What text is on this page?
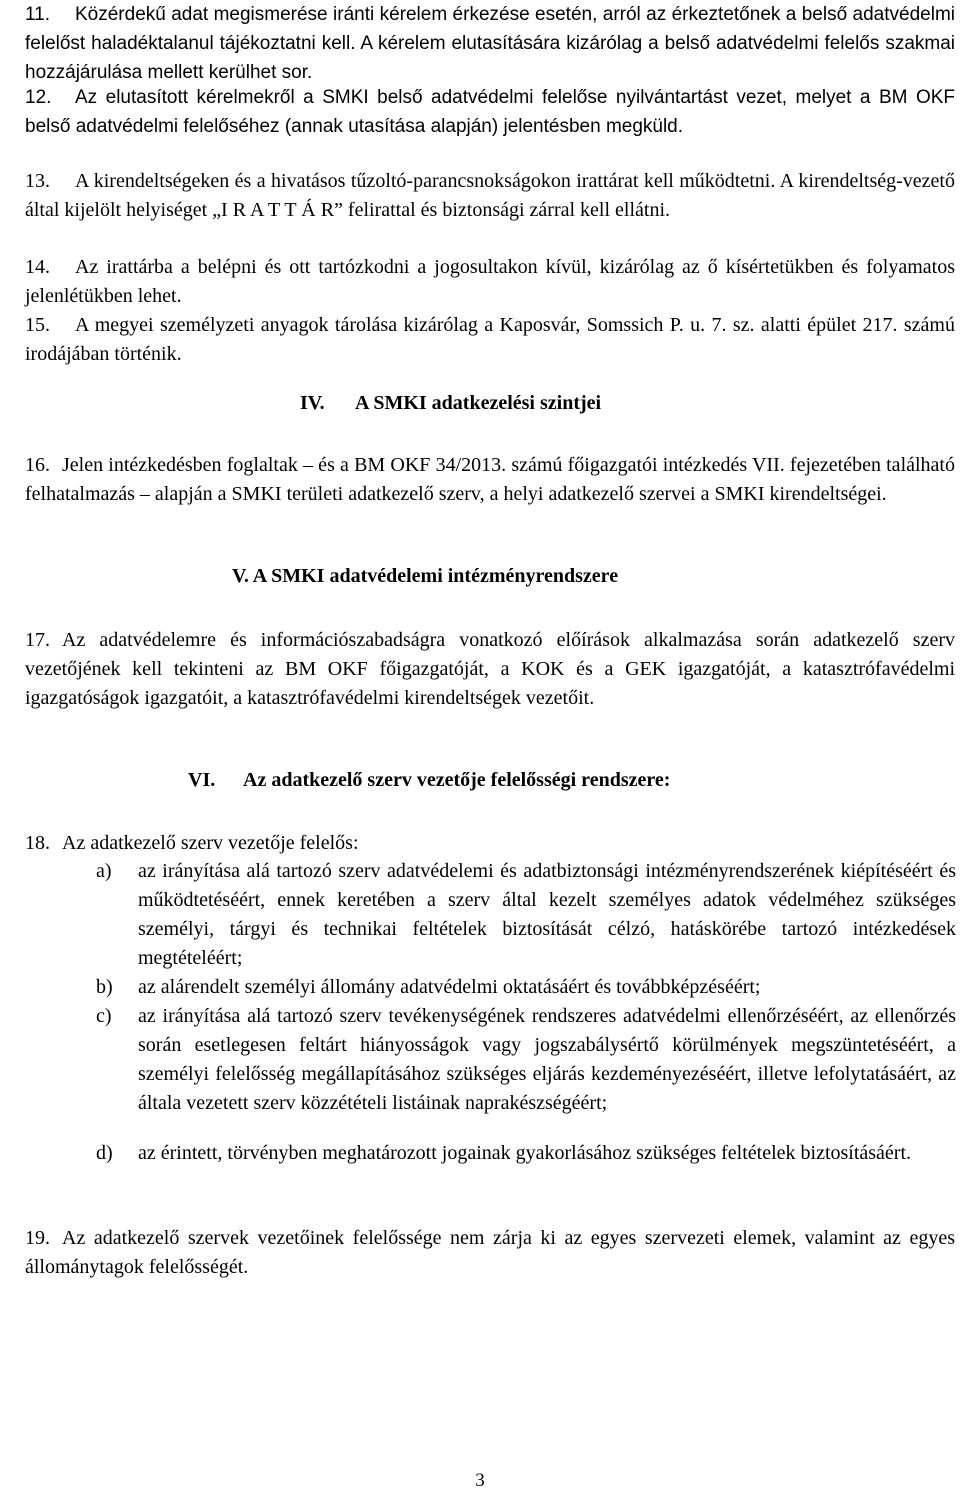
11. Közérdekű adat megismerése iránti kérelem érkezése esetén, arról az érkeztetőnek a belső adatvédelmi felelőst haladéktalanul tájékoztatni kell. A kérelem elutasítására kizárólag a belső adatvédelmi felelős szakmai hozzájárulása mellett kerülhet sor.
12. Az elutasított kérelmekről a SMKI belső adatvédelmi felelőse nyilvántartást vezet, melyet a BM OKF belső adatvédelmi felelőséhez (annak utasítása alapján) jelentésben megküld.
13. A kirendeltségeken és a hivatásos tűzoltó-parancsnokságokon irattárat kell működtetni. A kirendeltség-vezető által kijelölt helyiséget „I R A T T Á R” felirattal és biztonsági zárral kell ellátni.
14. Az irattárba a belépni és ott tartózkodni a jogosultakon kívül, kizárólag az ő kísértetükben és folyamatos jelenlétükben lehet.
15. A megyei személyzeti anyagok tárolása kizárólag a Kaposvár, Somssich P. u. 7. sz. alatti épület 217. számú irodájában történik.
IV. A SMKI adatkezelési szintjei
16. Jelen intézkedésben foglaltak – és a BM OKF 34/2013. számú főigazgatói intézkedés VII. fejezetében található felhatalmazás – alapján a SMKI területi adatkezelő szerv, a helyi adatkezelő szervei a SMKI kirendeltségei.
V. A SMKI adatvédelemi intézményrendszere
17. Az adatvédelemre és információszabadságra vonatkozó előírások alkalmazása során adatkezelő szerv vezetőjének kell tekinteni az BM OKF főigazgatóját, a KOK és a GEK igazgatóját, a katasztrófavédelmi igazgatóságok igazgatóit, a katasztrófavédelmi kirendeltségek vezetőit.
VI. Az adatkezelő szerv vezetője felelősségi rendszere:
18. Az adatkezelő szerv vezetője felelős:
a) az irányítása alá tartozó szerv adatvédelemi és adatbiztonsági intézményrendszerének kiépítéséért és működtetéséért, ennek keretében a szerv által kezelt személyes adatok védelméhez szükséges személyi, tárgyi és technikai feltételek biztosítását célzó, hatáskörébe tartozó intézkedések megtételéért;
b) az alárendelt személyi állomány adatvédelmi oktatásáért és továbbképzéséért;
c) az irányítása alá tartozó szerv tevékenységének rendszeres adatvédelmi ellenőrzéséért, az ellenőrzés során esetlegesen feltárt hiányosságok vagy jogszabálysértő körülmények megszüntetéséért, a személyi felelősség megállapításához szükséges eljárás kezdeményezéséért, illetve lefolytatásáért, az általa vezetett szerv közzétételi listáinak naprakészségéért;
d) az érintett, törvényben meghatározott jogainak gyakorlásához szükséges feltételek biztosításáért.
19. Az adatkezelő szervek vezetőinek felelőssége nem zárja ki az egyes szervezeti elemek, valamint az egyes állománytagok felelősségét.
3
